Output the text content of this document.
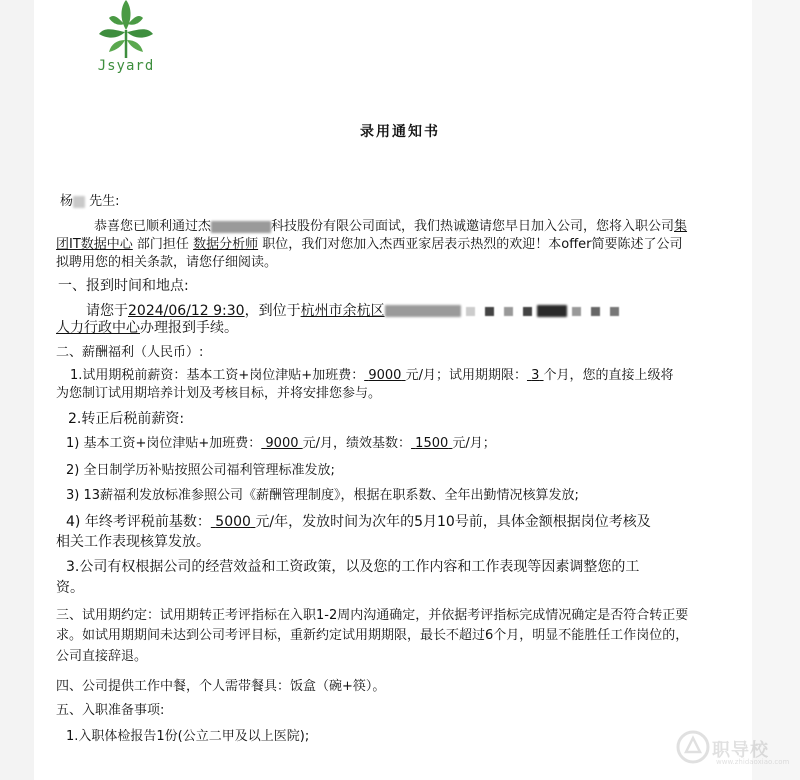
Jsyard
录用通知书
杨 先生:
恭喜您已顺利通过杰	科技股份有限公司面试，我们热诚邀请您早日加入公司，您将入职公司集
团IT数据中心 部门担任 数据分析师 职位，我们对您加入杰西亚家居表示热烈的欢迎！本offer简要陈述了公司
拟聘用您的相关条款，请您仔细阅读。
一、报到时间和地点:
请您于2024/06/12 9:30，到位于杭州市余杭区
人力行政中心办理报到手续。
二、薪酬福利（人民币）:
1.试用期税前薪资：基本工资+岗位津贴+加班费： 9000 元/月；试用期期限： 3 个月，您的直接上级将
为您制订试用期培养计划及考核目标，并将安排您参与。
2.转正后税前薪资:
1) 基本工资+岗位津贴+加班费： 9000 元/月，绩效基数： 1500 元/月；
2) 全日制学历补贴按照公司福利管理标准发放;
3) 13薪福利发放标准参照公司《薪酬管理制度》，根据在职系数、全年出勤情况核算发放;
4) 年终考评税前基数： 5000 元/年，发放时间为次年的5月10号前，具体金额根据岗位考核及
相关工作表现核算发放。
3.公司有权根据公司的经营效益和工资政策，以及您的工作内容和工作表现等因素调整您的工
资。
三、试用期约定：试用期转正考评指标在入职1-2周内沟通确定，并依据考评指标完成情况确定是否符合转正要
求。如试用期期间未达到公司考评目标，重新约定试用期期限，最长不超过6个月，明显不能胜任工作岗位的，
公司直接辞退。
四、公司提供工作中餐，个人需带餐具：饭盒（碗+筷）。
五、入职准备事项:
1.入职体检报告1份(公立二甲及以上医院);
职导校
www.zhidaoxiao.com
